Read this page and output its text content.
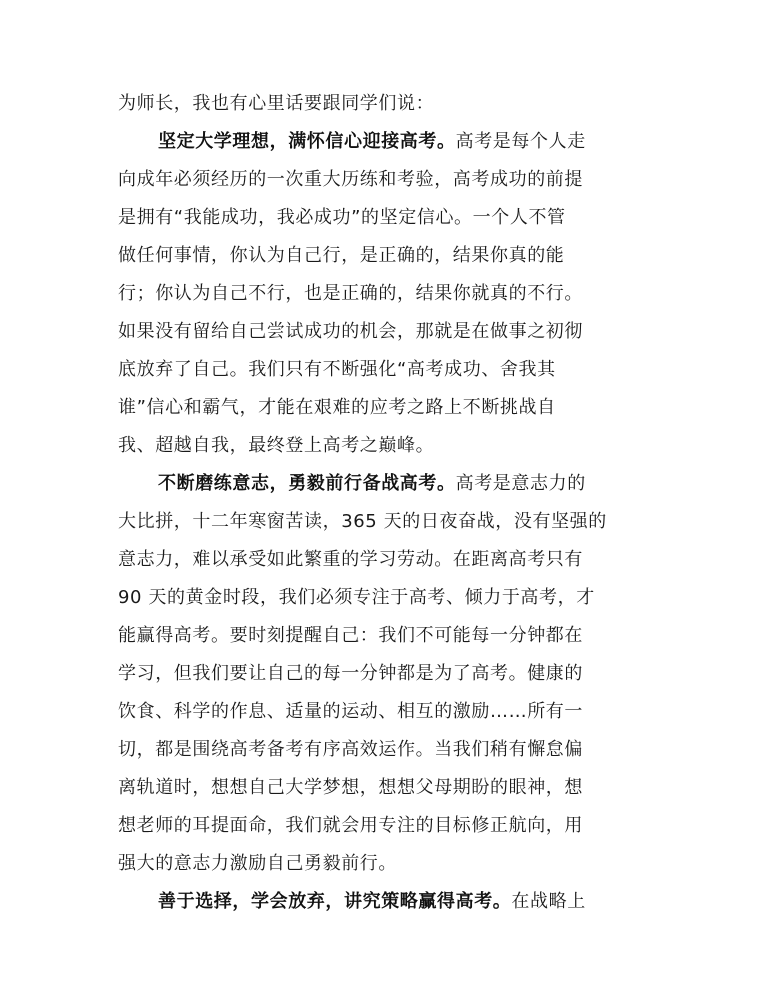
为师长，我也有心里话要跟同学们说：
坚定大学理想，满怀信心迎接高考。高考是每个人走
向成年必须经历的一次重大历练和考验，高考成功的前提
是拥有“我能成功，我必成功”的坚定信心。一个人不管
做任何事情，你认为自己行，是正确的，结果你真的能
行；你认为自己不行，也是正确的，结果你就真的不行。
如果没有留给自己尝试成功的机会，那就是在做事之初彻
底放弃了自己。我们只有不断强化“高考成功、舍我其
谁”信心和霸气，才能在艰难的应考之路上不断挑战自
我、超越自我，最终登上高考之巅峰。
不断磨练意志，勇毅前行备战高考。高考是意志力的
大比拼，十二年寒窗苦读，365 天的日夜奋战，没有坚强的
意志力，难以承受如此繁重的学习劳动。在距离高考只有
90 天的黄金时段，我们必须专注于高考、倾力于高考，才
能赢得高考。要时刻提醒自己：我们不可能每一分钟都在
学习，但我们要让自己的每一分钟都是为了高考。健康的
饮食、科学的作息、适量的运动、相互的激励……所有一
切，都是围绕高考备考有序高效运作。当我们稍有懈怠偏
离轨道时，想想自己大学梦想，想想父母期盼的眼神，想
想老师的耳提面命，我们就会用专注的目标修正航向，用
强大的意志力激励自己勇毅前行。
善于选择，学会放弃，讲究策略赢得高考。在战略上
